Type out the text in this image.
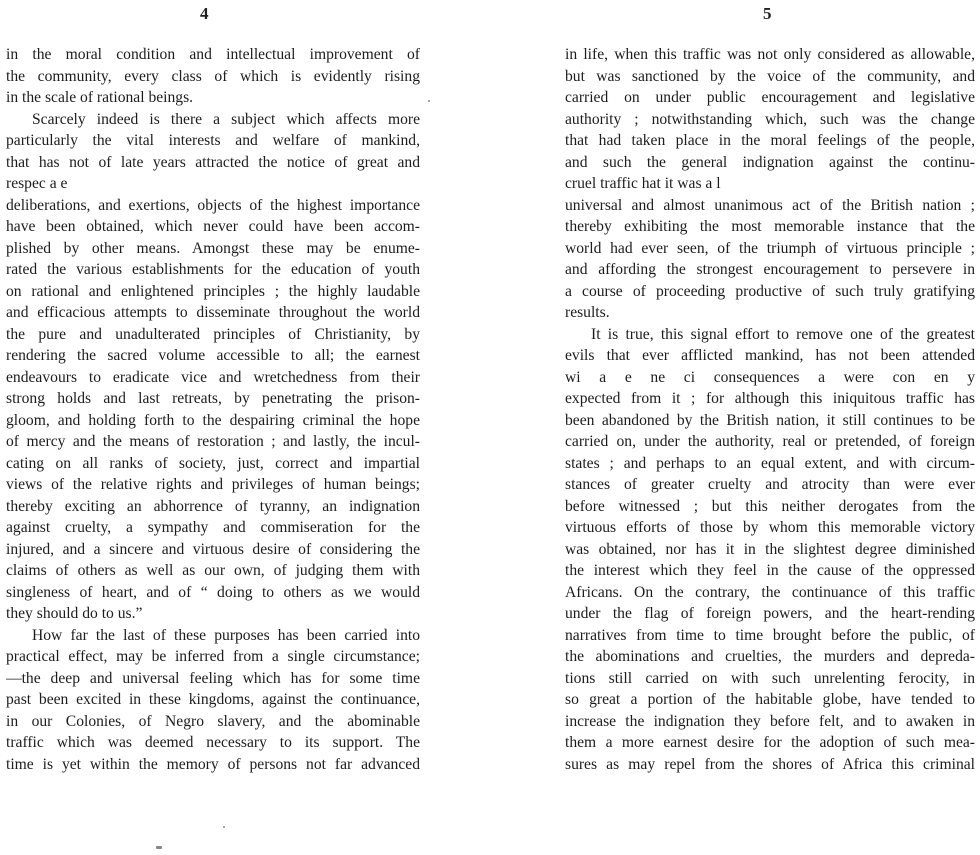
4
in the moral condition and intellectual improvement of
the community, every class of which is evidently rising
in the scale of rational beings.
Scarcely indeed is there a subject which affects more
particularly the vital interests and welfare of mankind,
that has not of late years attracted the notice of great and
respec a e
deliberations, and exertions, objects of the highest importance
have been obtained, which never could have been accom-
plished by other means. Amongst these may be enume-
rated the various establishments for the education of youth
on rational and enlightened principles ; the highly laudable
and efficacious attempts to disseminate throughout the world
the pure and unadulterated principles of Christianity, by
rendering the sacred volume accessible to all; the earnest
endeavours to eradicate vice and wretchedness from their
strong holds and last retreats, by penetrating the prison-
gloom, and holding forth to the despairing criminal the hope
of mercy and the means of restoration ; and lastly, the incul-
cating on all ranks of society, just, correct and impartial
views of the relative rights and privileges of human beings;
thereby exciting an abhorrence of tyranny, an indignation
against cruelty, a sympathy and commiseration for the
injured, and a sincere and virtuous desire of considering the
claims of others as well as our own, of judging them with
singleness of heart, and of “ doing to others as we would
they should do to us.”
How far the last of these purposes has been carried into
practical effect, may be inferred from a single circumstance;
—the deep and universal feeling which has for some time
past been excited in these kingdoms, against the continuance,
in our Colonies, of Negro slavery, and the abominable
traffic which was deemed necessary to its support. The
time is yet within the memory of persons not far advanced
5
in life, when this traffic was not only considered as allowable,
but was sanctioned by the voice of the community, and
carried on under public encouragement and legislative
authority ; notwithstanding which, such was the change
that had taken place in the moral feelings of the people,
and such the general indignation against the continu-
cruel traffic hat it was a l
universal and almost unanimous act of the British nation ;
thereby exhibiting the most memorable instance that the
world had ever seen, of the triumph of virtuous principle ;
and affording the strongest encouragement to persevere in
a course of proceeding productive of such truly gratifying
results.
It is true, this signal effort to remove one of the greatest
evils that ever afflicted mankind, has not been attended
wi a e ne ci consequences a were con en y
expected from it ; for although this iniquitous traffic has
been abandoned by the British nation, it still continues to be
carried on, under the authority, real or pretended, of foreign
states ; and perhaps to an equal extent, and with circum-
stances of greater cruelty and atrocity than were ever
before witnessed ; but this neither derogates from the
virtuous efforts of those by whom this memorable victory
was obtained, nor has it in the slightest degree diminished
the interest which they feel in the cause of the oppressed
Africans. On the contrary, the continuance of this traffic
under the flag of foreign powers, and the heart-rending
narratives from time to time brought before the public, of
the abominations and cruelties, the murders and depreda-
tions still carried on with such unrelenting ferocity, in
so great a portion of the habitable globe, have tended to
increase the indignation they before felt, and to awaken in
them a more earnest desire for the adoption of such mea-
sures as may repel from the shores of Africa this criminal
